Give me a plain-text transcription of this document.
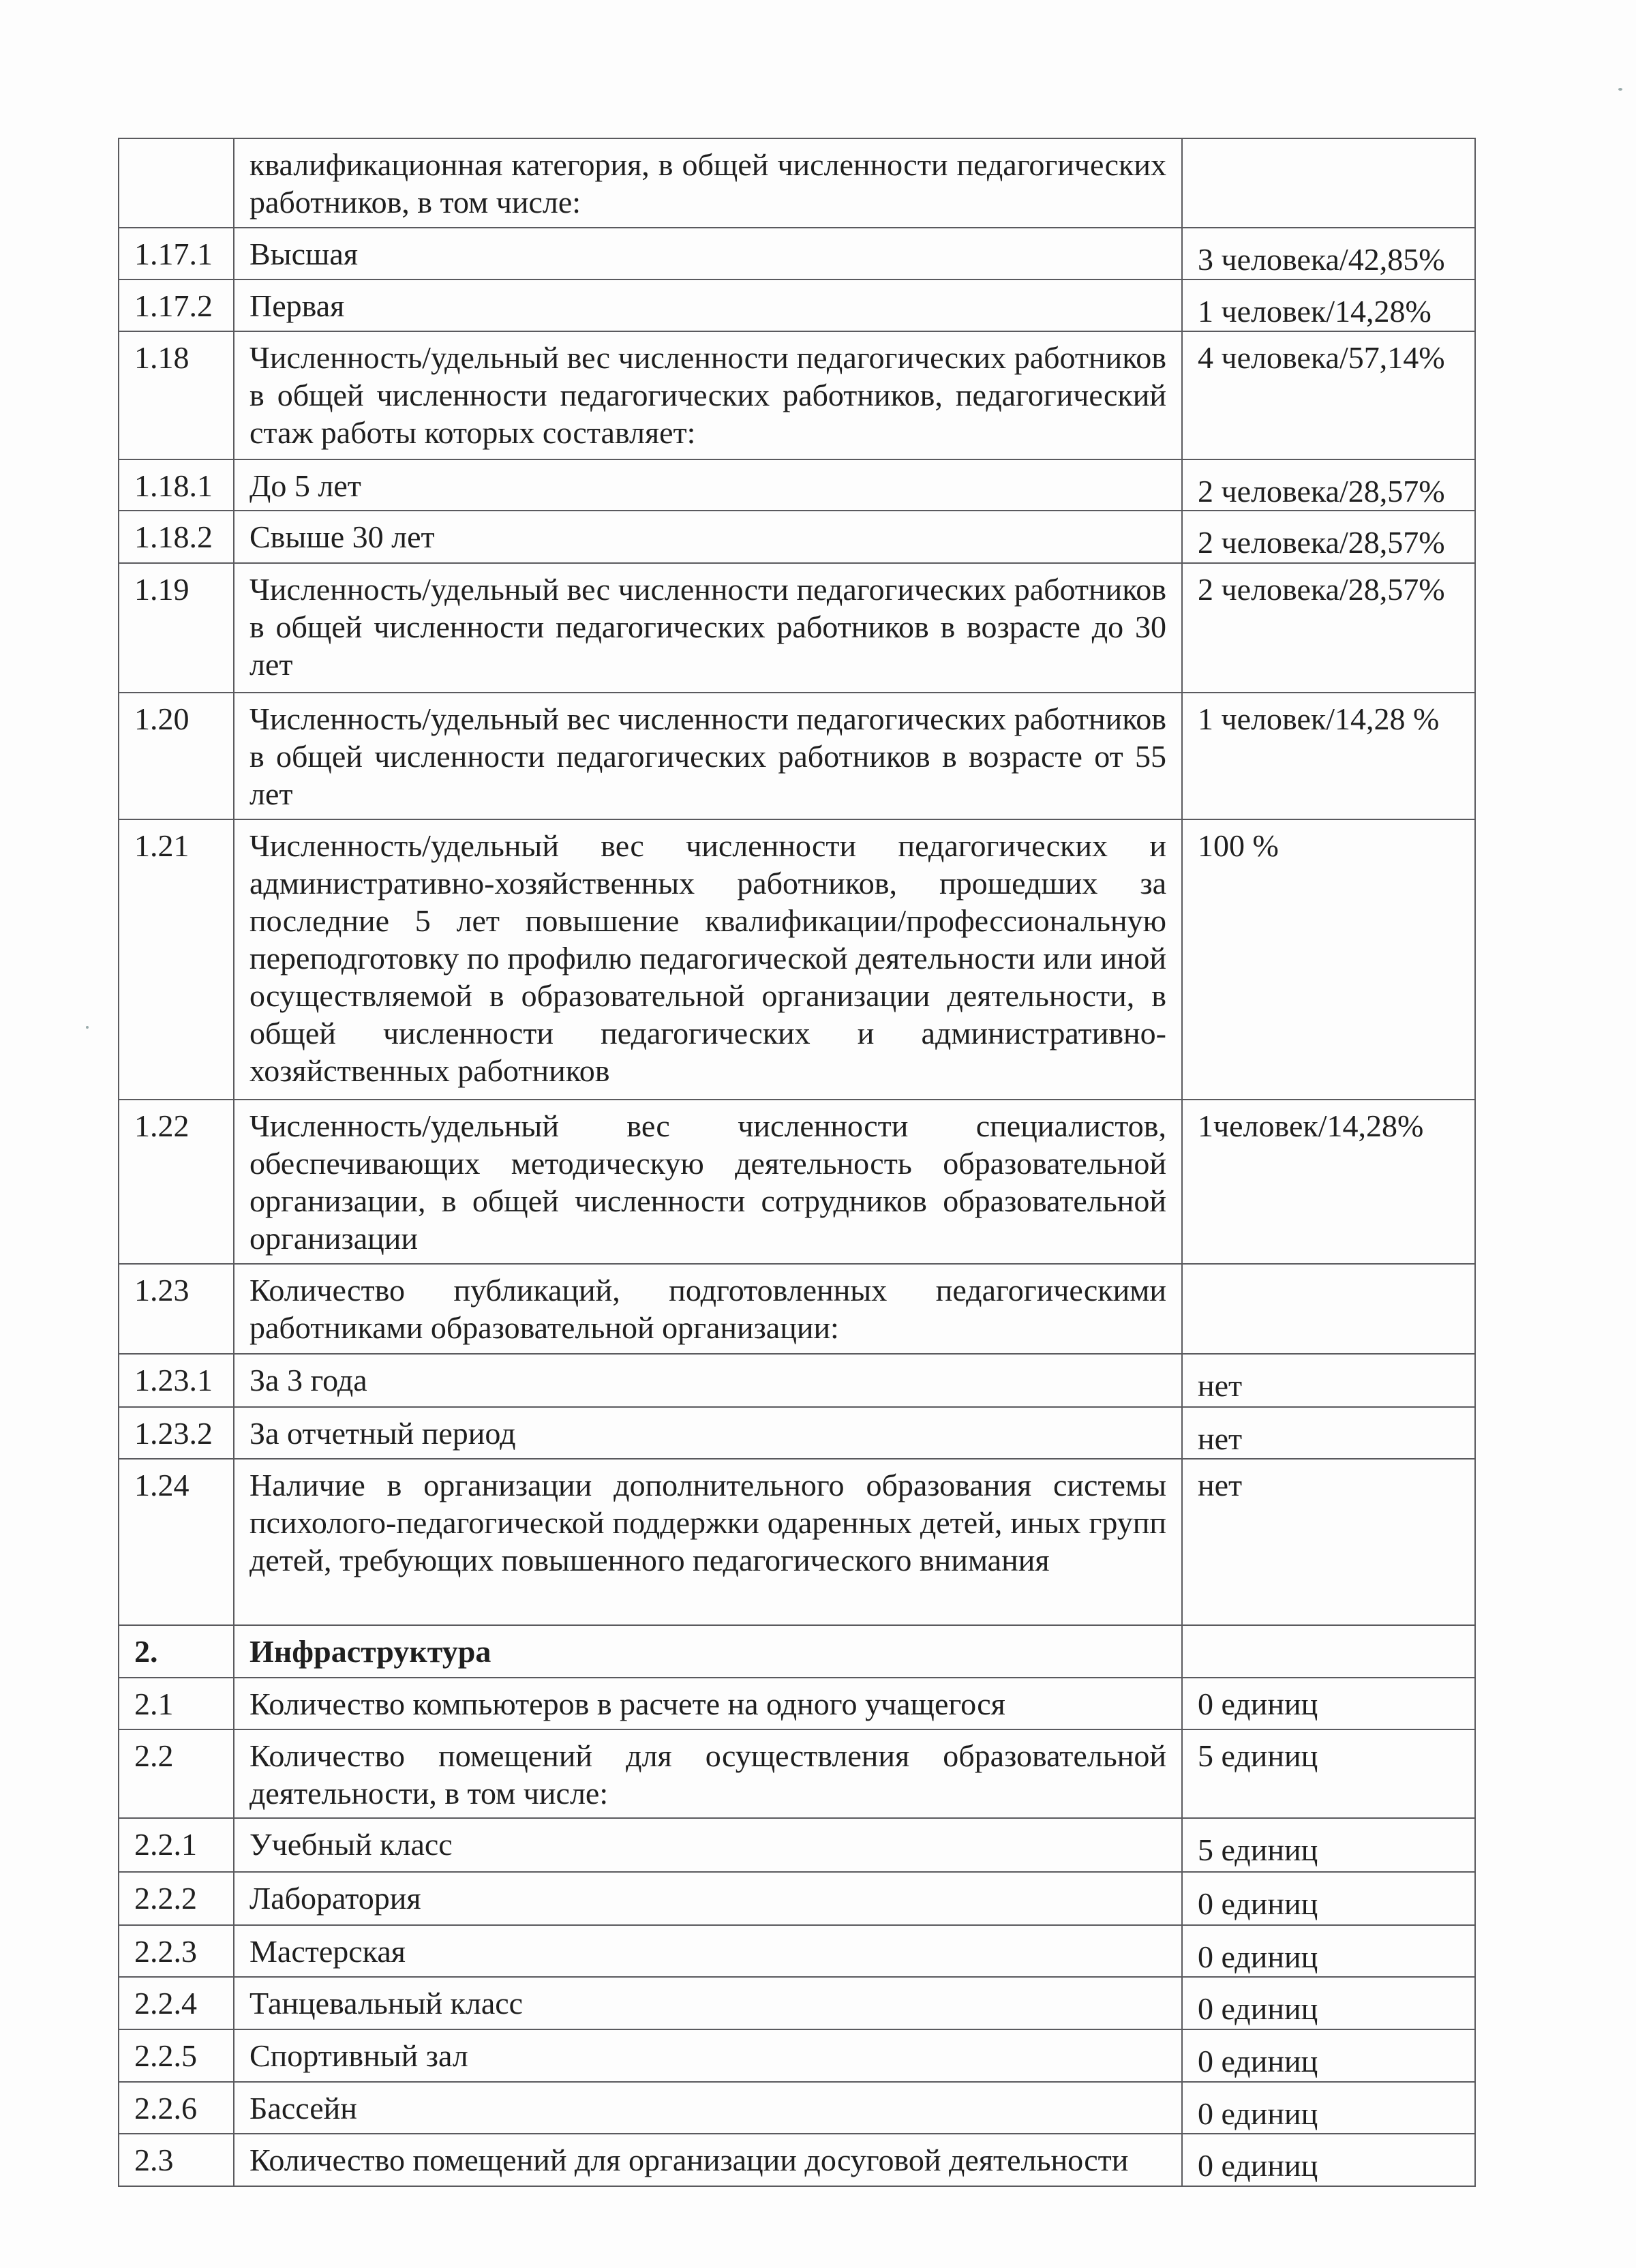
	квалификационная категория, в общей численности педагогических работников, в том числе:	
1.17.1	Высшая	3 человека/42,85%
1.17.2	Первая	1 человек/14,28%
1.18	Численность/удельный вес численности педагогических работников в общей численности педагогических работников, педагогический стаж работы которых составляет:	4 человека/57,14%
1.18.1	До 5 лет	2 человека/28,57%
1.18.2	Свыше 30 лет	2 человека/28,57%
1.19	Численность/удельный вес численности педагогических работников в общей численности педагогических работников в возрасте до 30 лет	2 человека/28,57%
1.20	Численность/удельный вес численности педагогических работников в общей численности педагогических работников в возрасте от 55 лет	1 человек/14,28 %
1.21	Численность/удельный вес численности педагогических и административно-хозяйственных работников, прошедших за последние 5 лет повышение квалификации/профессиональную переподготовку по профилю педагогической деятельности или иной осуществляемой в образовательной организации деятельности, в общей численности педагогических и административно-хозяйственных работников	100 %
1.22	Численность/удельный вес численности специалистов, обеспечивающих методическую деятельность образовательной организации, в общей численности сотрудников образовательной организации	1человек/14,28%
1.23	Количество публикаций, подготовленных педагогическими работниками образовательной организации:	
1.23.1	За 3 года	нет
1.23.2	За отчетный период	нет
1.24	Наличие в организации дополнительного образования системы психолого-педагогической поддержки одаренных детей, иных групп детей, требующих повышенного педагогического внимания	нет
2.	Инфраструктура	
2.1	Количество компьютеров в расчете на одного учащегося	0 единиц
2.2	Количество помещений для осуществления образовательной деятельности, в том числе:	5 единиц
2.2.1	Учебный класс	5 единиц
2.2.2	Лаборатория	0 единиц
2.2.3	Мастерская	0 единиц
2.2.4	Танцевальный класс	0 единиц
2.2.5	Спортивный зал	0 единиц
2.2.6	Бассейн	0 единиц
2.3	Количество помещений для организации досуговой деятельности	0 единиц
